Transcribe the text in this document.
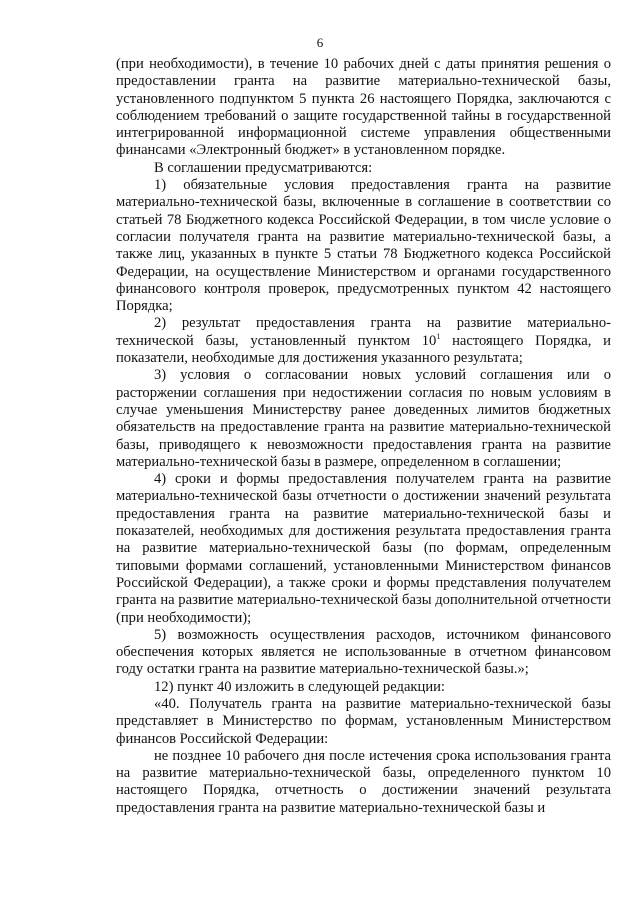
6

(при необходимости), в течение 10 рабочих дней с даты принятия решения о предоставлении гранта на развитие материально-технической базы, установленного подпунктом 5 пункта 26 настоящего Порядка, заключаются с соблюдением требований о защите государственной тайны в государственной интегрированной информационной системе управления общественными финансами «Электронный бюджет» в установленном порядке.

В соглашении предусматриваются:

1) обязательные условия предоставления гранта на развитие материально-технической базы, включенные в соглашение в соответствии со статьей 78 Бюджетного кодекса Российской Федерации, в том числе условие о согласии получателя гранта на развитие материально-технической базы, а также лиц, указанных в пункте 5 статьи 78 Бюджетного кодекса Российской Федерации, на осуществление Министерством и органами государственного финансового контроля проверок, предусмотренных пунктом 42 настоящего Порядка;

2) результат предоставления гранта на развитие материально-технической базы, установленный пунктом $10^1$ настоящего Порядка, и показатели, необходимые для достижения указанного результата;

3) условия о согласовании новых условий соглашения или о расторжении соглашения при недостижении согласия по новым условиям в случае уменьшения Министерству ранее доведенных лимитов бюджетных обязательств на предоставление гранта на развитие материально-технической базы, приводящего к невозможности предоставления гранта на развитие материально-технической базы в размере, определенном в соглашении;

4) сроки и формы предоставления получателем гранта на развитие материально-технической базы отчетности о достижении значений результата предоставления гранта на развитие материально-технической базы и показателей, необходимых для достижения результата предоставления гранта на развитие материально-технической базы (по формам, определенным типовыми формами соглашений, установленными Министерством финансов Российской Федерации), а также сроки и формы представления получателем гранта на развитие материально-технической базы дополнительной отчетности (при необходимости);

5) возможность осуществления расходов, источником финансового обеспечения которых является не использованные в отчетном финансовом году остатки гранта на развитие материально-технической базы.»;

12) пункт 40 изложить в следующей редакции:

«40. Получатель гранта на развитие материально-технической базы представляет в Министерство по формам, установленным Министерством финансов Российской Федерации:

не позднее 10 рабочего дня после истечения срока использования гранта на развитие материально-технической базы, определенного пунктом 10 настоящего Порядка, отчетность о достижении значений результата предоставления гранта на развитие материально-технической базы и
